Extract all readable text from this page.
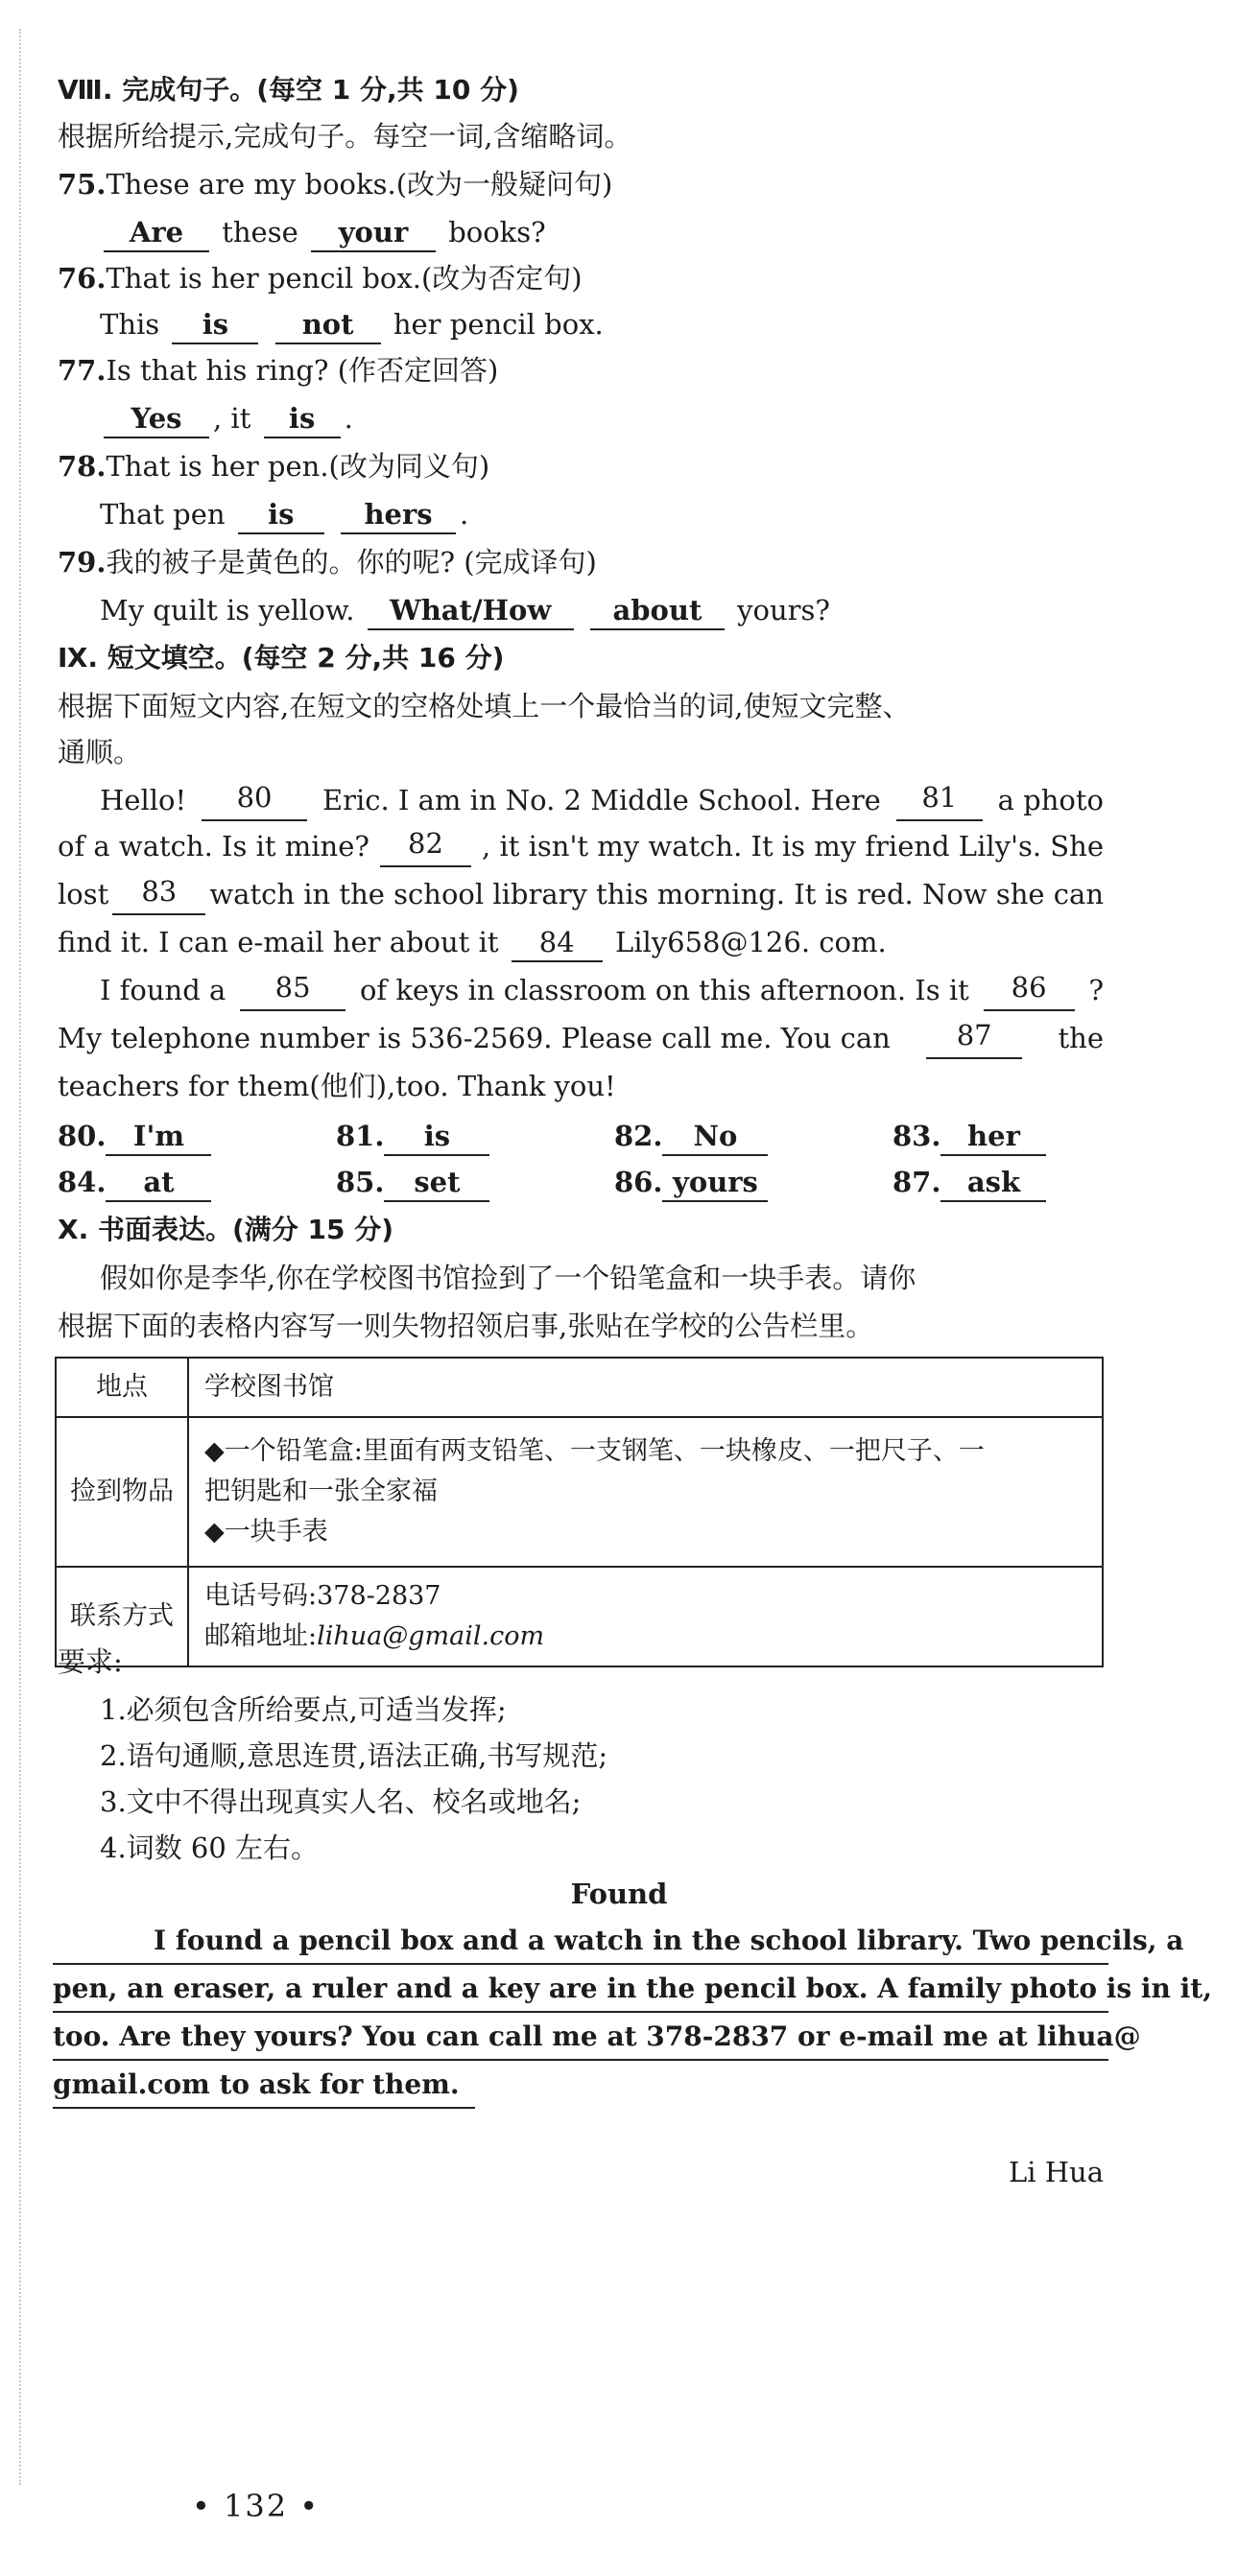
Ⅷ. 完成句子。(每空 1 分,共 10 分)
根据所给提示,完成句子。每空一词,含缩略词。
75.These are my books.(改为一般疑问句)
Are these your books?
76.That is her pencil box.(改为否定句)
This is	not her pencil box.
77.Is that his ring? (作否定回答)
Yes , it is .
78.That is her pen.(改为同义句)
That pen is	hers .
79.我的被子是黄色的。你的呢? (完成译句)
My quilt is yellow. What/How about yours?
Ⅸ. 短文填空。(每空 2 分,共 16 分)
根据下面短文内容,在短文的空格处填上一个最恰当的词,使短文完整、
通顺。
Hello!	80	Eric. I am in No. 2 Middle School. Here	81	a photo
of a watch. Is it mine?	82	, it isn't my watch. It is my friend Lily's. She
lost	83	watch in the school library this morning. It is red. Now she can
find it. I can e-mail her about it 84 Lily658@126. com.
I found a	85	of keys in classroom on this afternoon. Is it	86	?
My telephone number is 536-2569. Please call me. You can	87	the
teachers for them(他们),too. Thank you!
80. I'm	81. is	82. No	83. her
84. at	85. set	86. yours	87. ask
Ⅹ. 书面表达。(满分 15 分)
假如你是李华,你在学校图书馆捡到了一个铅笔盒和一块手表。请你
根据下面的表格内容写一则失物招领启事,张贴在学校的公告栏里。
地点	学校图书馆
捡到物品	◆一个铅笔盒:里面有两支铅笔、一支钢笔、一块橡皮、一把尺子、一
把钥匙和一张全家福
◆一块手表

联系方式	电话号码:378-2837
邮箱地址:lihua@gmail.com
要求:
1.必须包含所给要点,可适当发挥;
2.语句通顺,意思连贯,语法正确,书写规范;
3.文中不得出现真实人名、校名或地名;
4.词数 60 左右。
Found
I found a pencil box and a watch in the school library. Two pencils, a
pen, an eraser, a ruler and a key are in the pencil box. A family photo is in it,
too. Are they yours? You can call me at 378-2837 or e-mail me at lihua@
gmail.com to ask for them.
Li Hua
• 132 •
